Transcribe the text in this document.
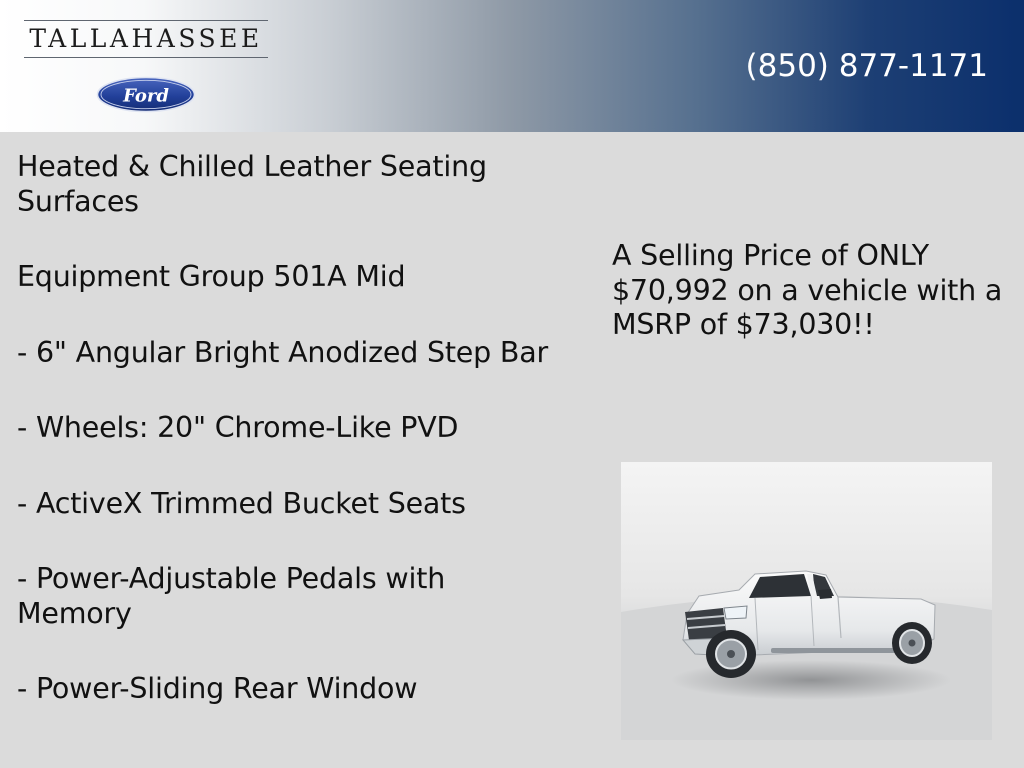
TALLAHASSEE
Ford
(850) 877-1171
Heated & Chilled Leather Seating Surfaces
Equipment Group 501A Mid
- 6" Angular Bright Anodized Step Bar
- Wheels: 20" Chrome-Like PVD
- ActiveX Trimmed Bucket Seats
- Power-Adjustable Pedals with Memory
- Power-Sliding Rear Window
A Selling Price of ONLY $70,992 on a vehicle with a MSRP of $73,030!!
